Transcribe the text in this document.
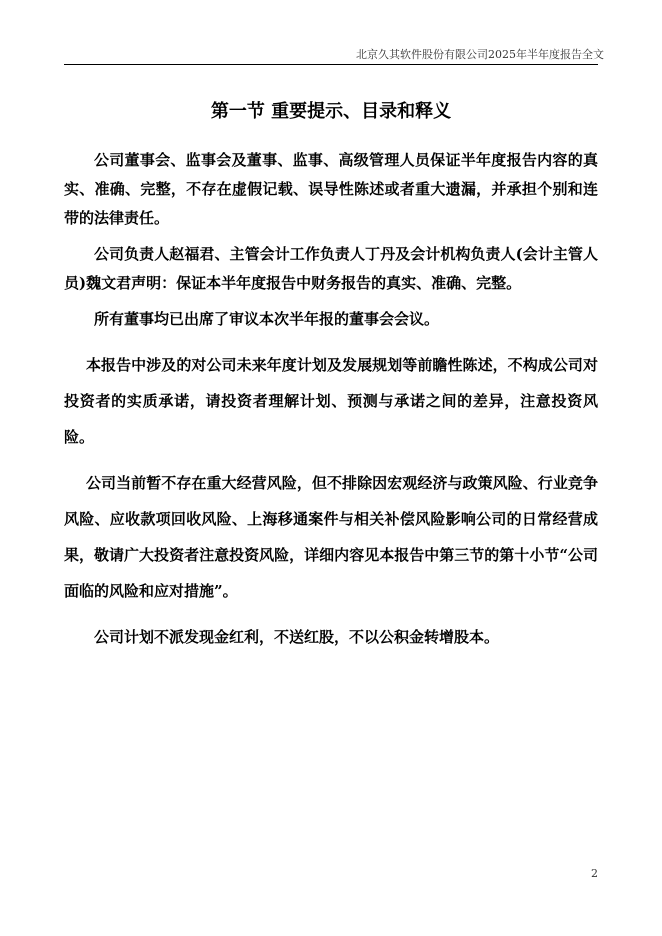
北京久其软件股份有限公司2025年半年度报告全文
第一节 重要提示、目录和释义

公司董事会、监事会及董事、监事、高级管理人员保证半年度报告内容的真实、准确、完整，不存在虚假记载、误导性陈述或者重大遗漏，并承担个别和连带的法律责任。

公司负责人赵福君、主管会计工作负责人丁丹及会计机构负责人(会计主管人员)魏文君声明：保证本半年度报告中财务报告的真实、准确、完整。

所有董事均已出席了审议本次半年报的董事会会议。

本报告中涉及的对公司未来年度计划及发展规划等前瞻性陈述，不构成公司对投资者的实质承诺，请投资者理解计划、预测与承诺之间的差异，注意投资风险。

公司当前暂不存在重大经营风险，但不排除因宏观经济与政策风险、行业竞争风险、应收款项回收风险、上海移通案件与相关补偿风险影响公司的日常经营成果，敬请广大投资者注意投资风险，详细内容见本报告中第三节的第十小节“公司面临的风险和应对措施”。

公司计划不派发现金红利，不送红股，不以公积金转增股本。

2
